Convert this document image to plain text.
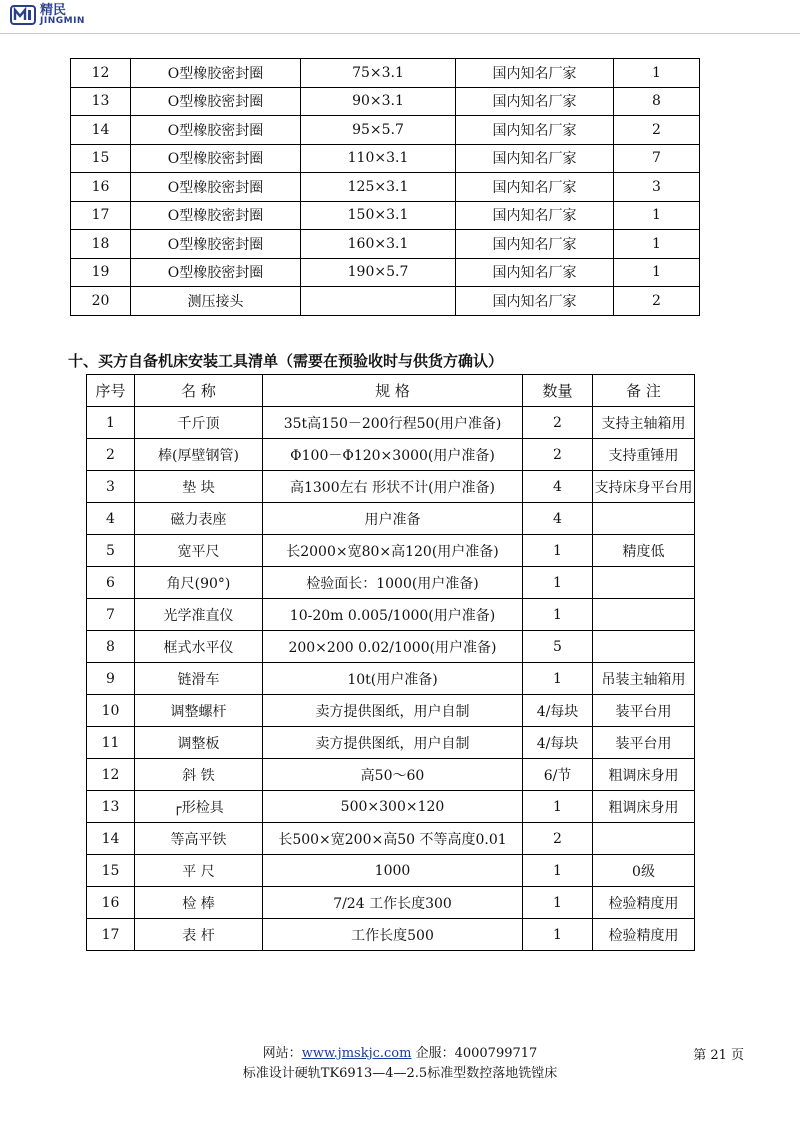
精民
JINGMIN
12	O型橡胶密封圈	75×3.1	国内知名厂家	1
13	O型橡胶密封圈	90×3.1	国内知名厂家	8
14	O型橡胶密封圈	95×5.7	国内知名厂家	2
15	O型橡胶密封圈	110×3.1	国内知名厂家	7
16	O型橡胶密封圈	125×3.1	国内知名厂家	3
17	O型橡胶密封圈	150×3.1	国内知名厂家	1
18	O型橡胶密封圈	160×3.1	国内知名厂家	1
19	O型橡胶密封圈	190×5.7	国内知名厂家	1
20	测压接头		国内知名厂家	2
十、买方自备机床安装工具清单（需要在预验收时与供货方确认）
序号	名 称	规 格	数量	备 注
1	千斤顶	35t高150－200行程50(用户准备)	2	支持主轴箱用
2	棒(厚壁钢管)	Φ100－Φ120×3000(用户准备)	2	支持重锤用
3	垫 块	高1300左右 形状不计(用户准备)	4	支持床身平台用
4	磁力表座	用户准备	4	
5	宽平尺	长2000×宽80×高120(用户准备)	1	精度低
6	角尺(90°)	检验面长：1000(用户准备)	1	
7	光学准直仪	10-20m 0.005/1000(用户准备)	1	
8	框式水平仪	200×200 0.02/1000(用户准备)	5	
9	链滑车	10t(用户准备)	1	吊装主轴箱用
10	调整螺杆	卖方提供图纸，用户自制	4/每块	装平台用
11	调整板	卖方提供图纸，用户自制	4/每块	装平台用
12	斜 铁	高50～60	6/节	粗调床身用
13	┌形检具	500×300×120	1	粗调床身用
14	等高平铁	长500×宽200×高50 不等高度0.01	2	
15	平 尺	1000	1	0级
16	检 棒	7/24 工作长度300	1	检验精度用
17	表 杆	工作长度500	1	检验精度用
网站：www.jmskjc.com 企服：4000799717
标准设计硬轨TK6913—4—2.5标准型数控落地铣镗床
第 21 页
